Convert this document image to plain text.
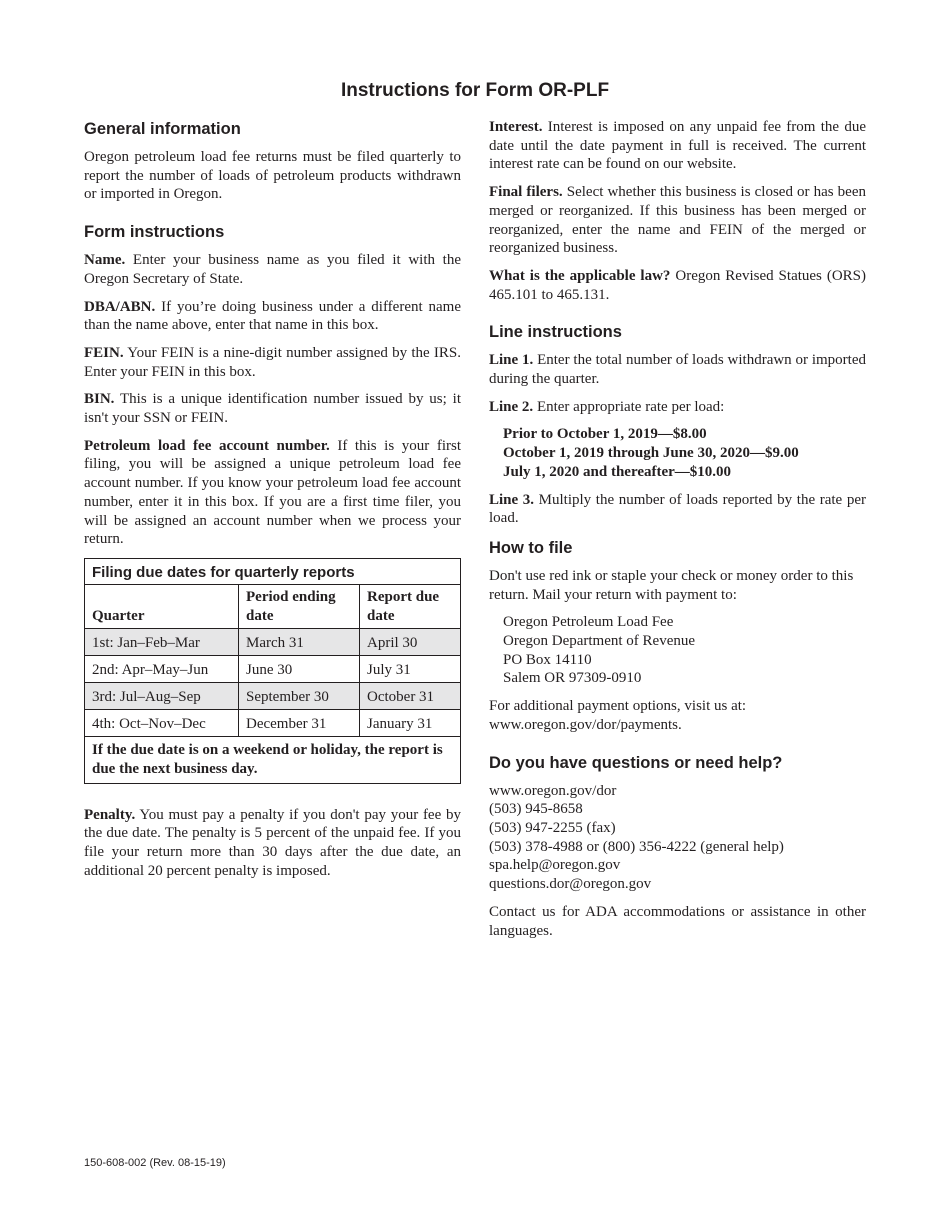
Instructions for Form OR-PLF
General information

Oregon petroleum load fee returns must be filed quarterly to report the number of loads of petroleum products withdrawn or imported in Oregon.

Form instructions

Name. Enter your business name as you filed it with the Oregon Secretary of State.

DBA/ABN. If you’re doing business under a different name than the name above, enter that name in this box.

FEIN. Your FEIN is a nine-digit number assigned by the IRS. Enter your FEIN in this box.

BIN. This is a unique identification number issued by us; it isn't your SSN or FEIN.

Petroleum load fee account number. If this is your first filing, you will be assigned a unique petroleum load fee account number. If you know your petroleum load fee account number, enter it in this box. If you are a first time filer, you will be assigned an account number when we process your return.

Filing due dates for quarterly reports		
Quarter	Period ending date	Report due date
1st: Jan–Feb–Mar	March 31	April 30
2nd: Apr–May–Jun	June 30	July 31
3rd: Jul–Aug–Sep	September 30	October 31
4th: Oct–Nov–Dec	December 31	January 31
If the due date is on a weekend or holiday, the report is due the next business day.		

Penalty. You must pay a penalty if you don't pay your fee by the due date. The penalty is 5 percent of the unpaid fee. If you file your return more than 30 days after the due date, an additional 20 percent penalty is imposed.

Interest. Interest is imposed on any unpaid fee from the due date until the date payment in full is received. The current interest rate can be found on our website.

Final filers. Select whether this business is closed or has been merged or reorganized. If this business has been merged or reorganized, enter the name and FEIN of the merged or reorganized business.

What is the applicable law? Oregon Revised Statues (ORS) 465.101 to 465.131.

Line instructions

Line 1. Enter the total number of loads withdrawn or imported during the quarter.

Line 2. Enter appropriate rate per load:

Prior to October 1, 2019—$8.00
October 1, 2019 through June 30, 2020—$9.00
July 1, 2020 and thereafter—$10.00

Line 3. Multiply the number of loads reported by the rate per load.

How to file

Don't use red ink or staple your check or money order to this return. Mail your return with payment to:

Oregon Petroleum Load Fee
Oregon Department of Revenue
PO Box 14110
Salem OR 97309-0910

For additional payment options, visit us at: www.oregon.gov/dor/payments.

Do you have questions or need help?
www.oregon.gov/dor
(503) 945-8658
(503) 947-2255 (fax)
(503) 378-4988 or (800) 356-4222 (general help)
spa.help@oregon.gov
questions.dor@oregon.gov

Contact us for ADA accommodations or assistance in other languages.

150-608-002 (Rev. 08-15-19)
